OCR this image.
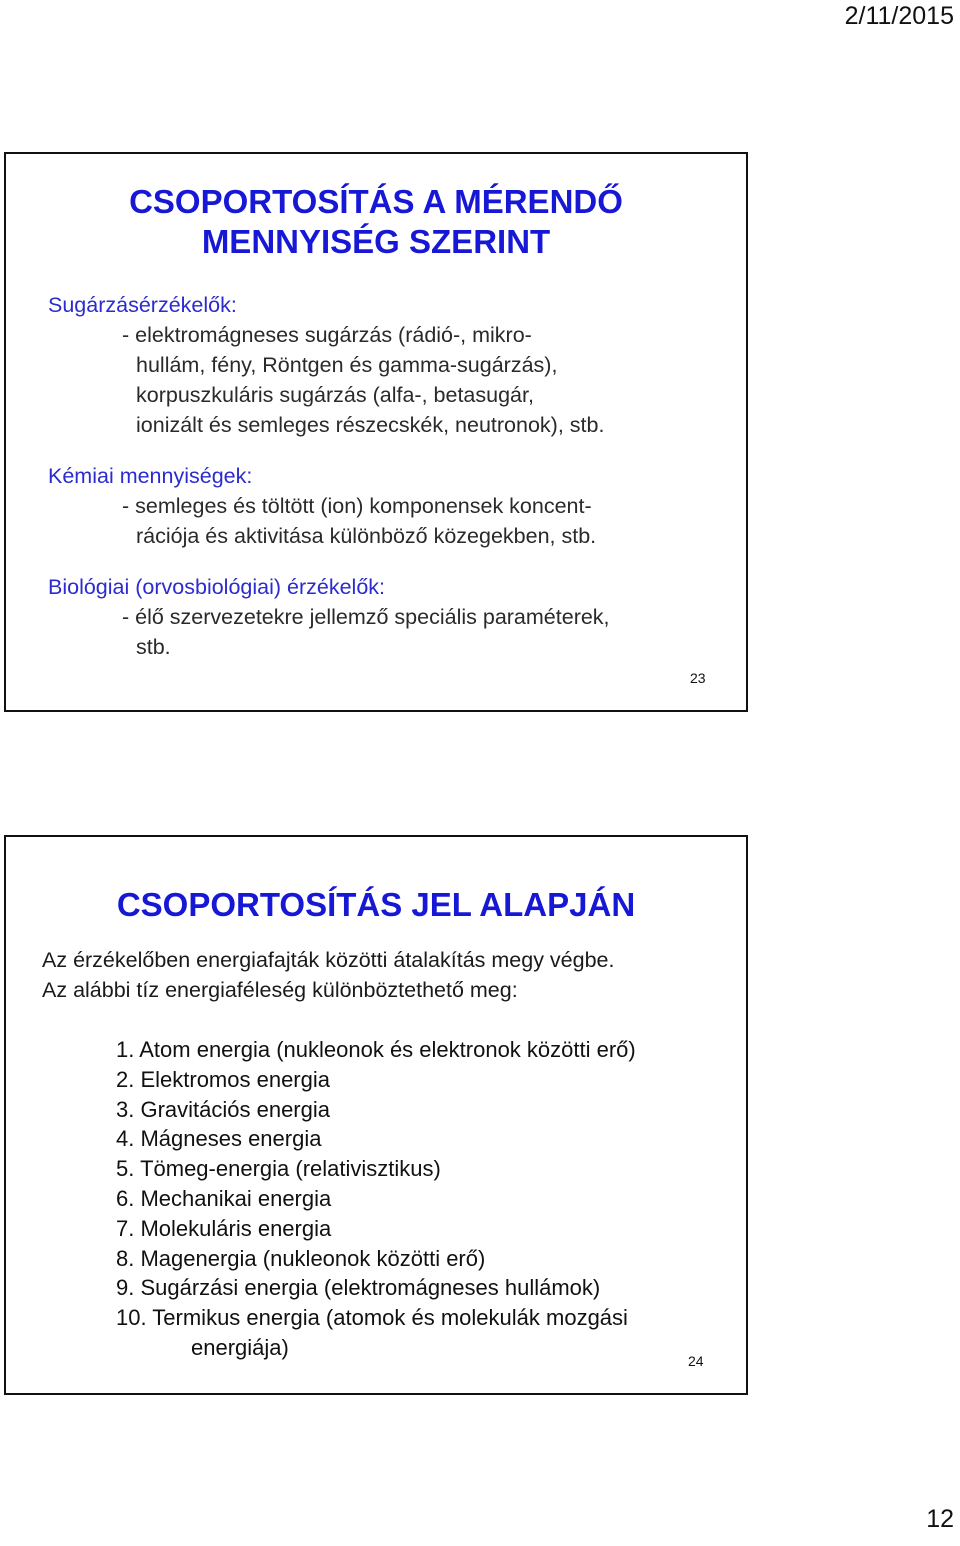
2/11/2015
CSOPORTOSÍTÁS A MÉRENDŐ
MENNYISÉG SZERINT
Sugárzásérzékelők:
- elektromágneses sugárzás (rádió-, mikro-
hullám, fény, Röntgen és gamma-sugárzás),
korpuszkuláris sugárzás (alfa-, betasugár,
ionizált és semleges részecskék, neutronok), stb.
Kémiai mennyiségek:
- semleges és töltött (ion) komponensek koncent-
rációja és aktivitása különböző közegekben, stb.
Biológiai (orvosbiológiai) érzékelők:
- élő szervezetekre jellemző speciális paraméterek,
stb.
23
CSOPORTOSÍTÁS JEL ALAPJÁN
Az érzékelőben energiafajták közötti átalakítás megy végbe.
Az alábbi tíz energiaféleség különböztethető meg:
1. Atom energia (nukleonok és elektronok közötti erő)
2. Elektromos energia
3. Gravitációs energia
4. Mágneses energia
5. Tömeg-energia (relativisztikus)
6. Mechanikai energia
7. Molekuláris energia
8. Magenergia (nukleonok közötti erő)
9. Sugárzási energia (elektromágneses hullámok)
10. Termikus energia (atomok és molekulák mozgási
energiája)
24
12
